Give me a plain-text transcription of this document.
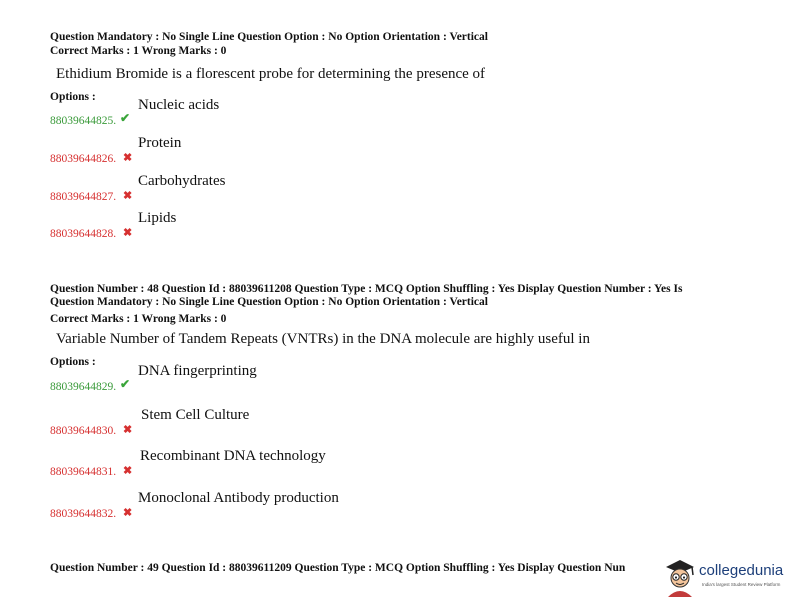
Question Mandatory : No Single Line Question Option : No Option Orientation : Vertical
Correct Marks : 1 Wrong Marks : 0
Ethidium Bromide is a florescent probe for determining the presence of
Options :
88039644825. ✔
Nucleic acids
88039644826. ✖
Protein
88039644827. ✖
Carbohydrates
88039644828. ✖
Lipids
Question Number : 48 Question Id : 88039611208 Question Type : MCQ Option Shuffling : Yes Display Question Number : Yes Is
Question Mandatory : No Single Line Question Option : No Option Orientation : Vertical
Correct Marks : 1 Wrong Marks : 0
Variable Number of Tandem Repeats (VNTRs) in the DNA molecule are highly useful in
Options :
88039644829. ✔
DNA fingerprinting
88039644830. ✖
Stem Cell Culture
88039644831. ✖
Recombinant DNA technology
88039644832. ✖
Monoclonal Antibody production
Question Number : 49 Question Id : 88039611209 Question Type : MCQ Option Shuffling : Yes Display Question Nun	collegedunia
India's largest Student Review Platform
